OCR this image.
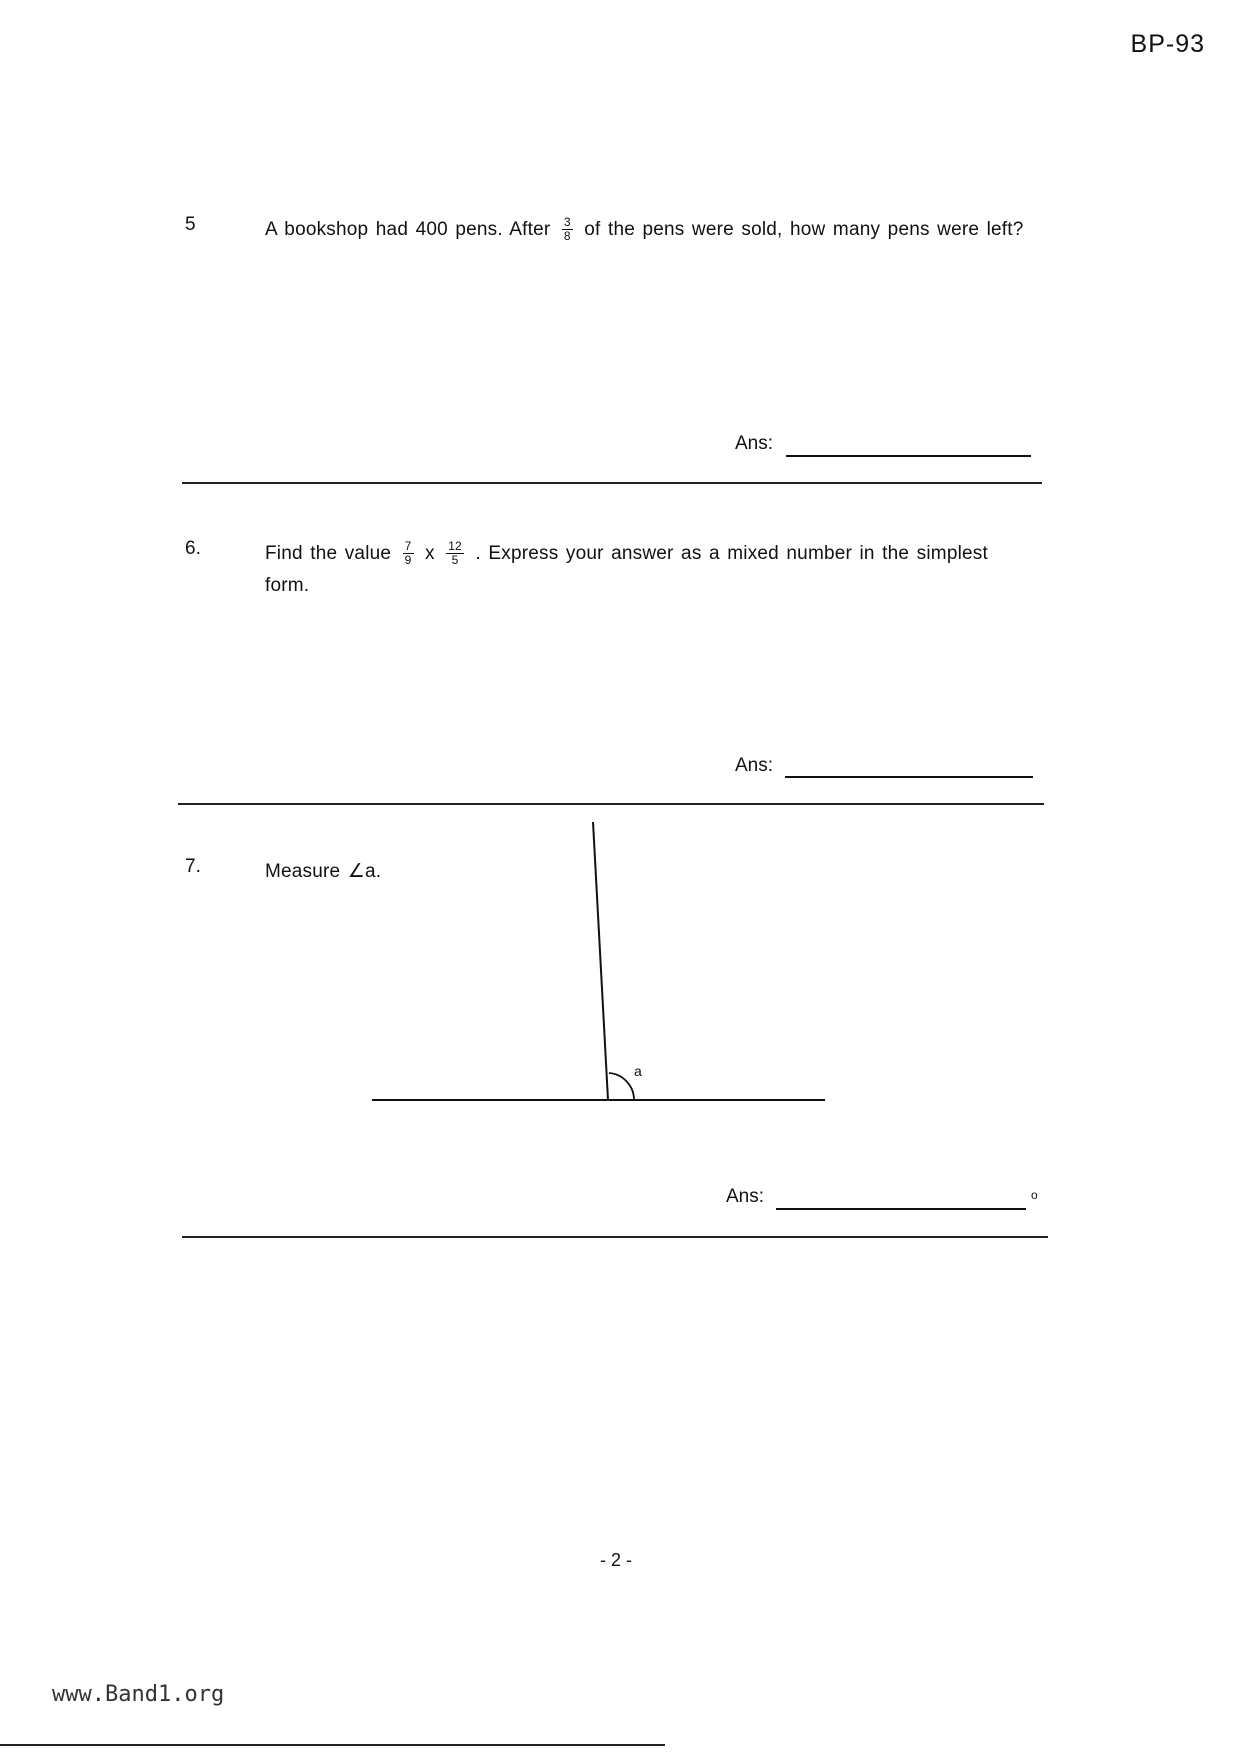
BP-93
5	A bookshop had 400 pens. After $\frac{3}{8}$ of the pens were sold, how many pens were left?
Ans:
6.	Find the value $\frac{7}{9}$ x $\frac{12}{5}$ . Express your answer as a mixed number in the simplest form.
Ans:
7.	Measure ∠a.
a
Ans:	o
- 2 -
www.Band1.org
